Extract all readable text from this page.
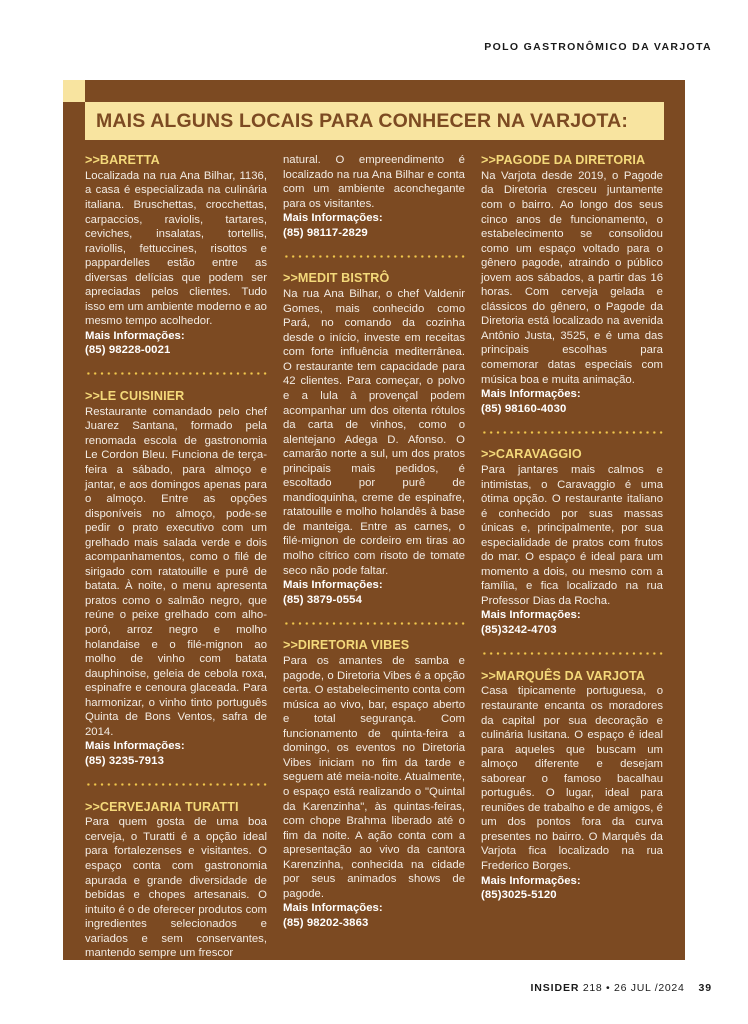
POLO GASTRONÔMICO DA VARJOTA
MAIS ALGUNS LOCAIS PARA CONHECER NA VARJOTA:
>>BARETTA

Localizada na rua Ana Bilhar, 1136, a casa é especializada na culinária italiana. Bruschettas, crocchettas, carpaccios, raviolis, tartares, ceviches, insalatas, tortellis, raviollis, fettuccines, risottos e pappardelles estão entre as diversas delícias que podem ser apreciadas pelos clientes. Tudo isso em um ambiente moderno e ao mesmo tempo acolhedor.

Mais Informações:
(85) 98228-0021
>>LE CUISINIER

Restaurante comandado pelo chef Juarez Santana, formado pela renomada escola de gastronomia Le Cordon Bleu. Funciona de terça-feira a sábado, para almoço e jantar, e aos domingos apenas para o almoço. Entre as opções disponíveis no almoço, pode-se pedir o prato executivo com um grelhado mais salada verde e dois acompanhamentos, como o filé de sirigado com ratatouille e purê de batata. À noite, o menu apresenta pratos como o salmão negro, que reúne o peixe grelhado com alho-poró, arroz negro e molho holandaise e o filé-mignon ao molho de vinho com batata dauphinoise, geleia de cebola roxa, espinafre e cenoura glaceada. Para harmonizar, o vinho tinto português Quinta de Bons Ventos, safra de 2014.

Mais Informações:
(85) 3235-7913
>>CERVEJARIA TURATTI

Para quem gosta de uma boa cerveja, o Turatti é a opção ideal para fortalezenses e visitantes. O espaço conta com gastronomia apurada e grande diversidade de bebidas e chopes artesanais. O intuito é o de oferecer produtos com ingredientes selecionados e variados e sem conservantes, mantendo sempre um frescor

natural. O empreendimento é localizado na rua Ana Bilhar e conta com um ambiente aconchegante para os visitantes.

Mais Informações:
(85) 98117-2829
>>MEDIT BISTRÔ

Na rua Ana Bilhar, o chef Valdenir Gomes, mais conhecido como Pará, no comando da cozinha desde o início, investe em receitas com forte influência mediterrânea. O restaurante tem capacidade para 42 clientes. Para começar, o polvo e a lula à provençal podem acompanhar um dos oitenta rótulos da carta de vinhos, como o alentejano Adega D. Afonso. O camarão norte a sul, um dos pratos principais mais pedidos, é escoltado por purê de mandioquinha, creme de espinafre, ratatouille e molho holandês à base de manteiga. Entre as carnes, o filé-mignon de cordeiro em tiras ao molho cítrico com risoto de tomate seco não pode faltar.

Mais Informações:
(85) 3879-0554
>>DIRETORIA VIBES

Para os amantes de samba e pagode, o Diretoria Vibes é a opção certa. O estabelecimento conta com música ao vivo, bar, espaço aberto e total segurança. Com funcionamento de quinta-feira a domingo, os eventos no Diretoria Vibes iniciam no fim da tarde e seguem até meia-noite. Atualmente, o espaço está realizando o "Quintal da Karenzinha", às quintas-feiras, com chope Brahma liberado até o fim da noite. A ação conta com a apresentação ao vivo da cantora Karenzinha, conhecida na cidade por seus animados shows de pagode.

Mais Informações:
(85) 98202-3863
>>PAGODE DA DIRETORIA

Na Varjota desde 2019, o Pagode da Diretoria cresceu juntamente com o bairro. Ao longo dos seus cinco anos de funcionamento, o estabelecimento se consolidou como um espaço voltado para o gênero pagode, atraindo o público jovem aos sábados, a partir das 16 horas. Com cerveja gelada e clássicos do gênero, o Pagode da Diretoria está localizado na avenida Antônio Justa, 3525, e é uma das principais escolhas para comemorar datas especiais com música boa e muita animação.

Mais Informações:
(85) 98160-4030
>>CARAVAGGIO

Para jantares mais calmos e intimistas, o Caravaggio é uma ótima opção. O restaurante italiano é conhecido por suas massas únicas e, principalmente, por sua especialidade de pratos com frutos do mar. O espaço é ideal para um momento a dois, ou mesmo com a família, e fica localizado na rua Professor Dias da Rocha.

Mais Informações:
(85)3242-4703
>>MARQUÊS DA VARJOTA

Casa tipicamente portuguesa, o restaurante encanta os moradores da capital por sua decoração e culinária lusitana. O espaço é ideal para aqueles que buscam um almoço diferente e desejam saborear o famoso bacalhau português. O lugar, ideal para reuniões de trabalho e de amigos, é um dos pontos fora da curva presentes no bairro. O Marquês da Varjota fica localizado na rua Frederico Borges.

Mais Informações:
(85)3025-5120
INSIDER 218 • 26 JUL /2024 39
